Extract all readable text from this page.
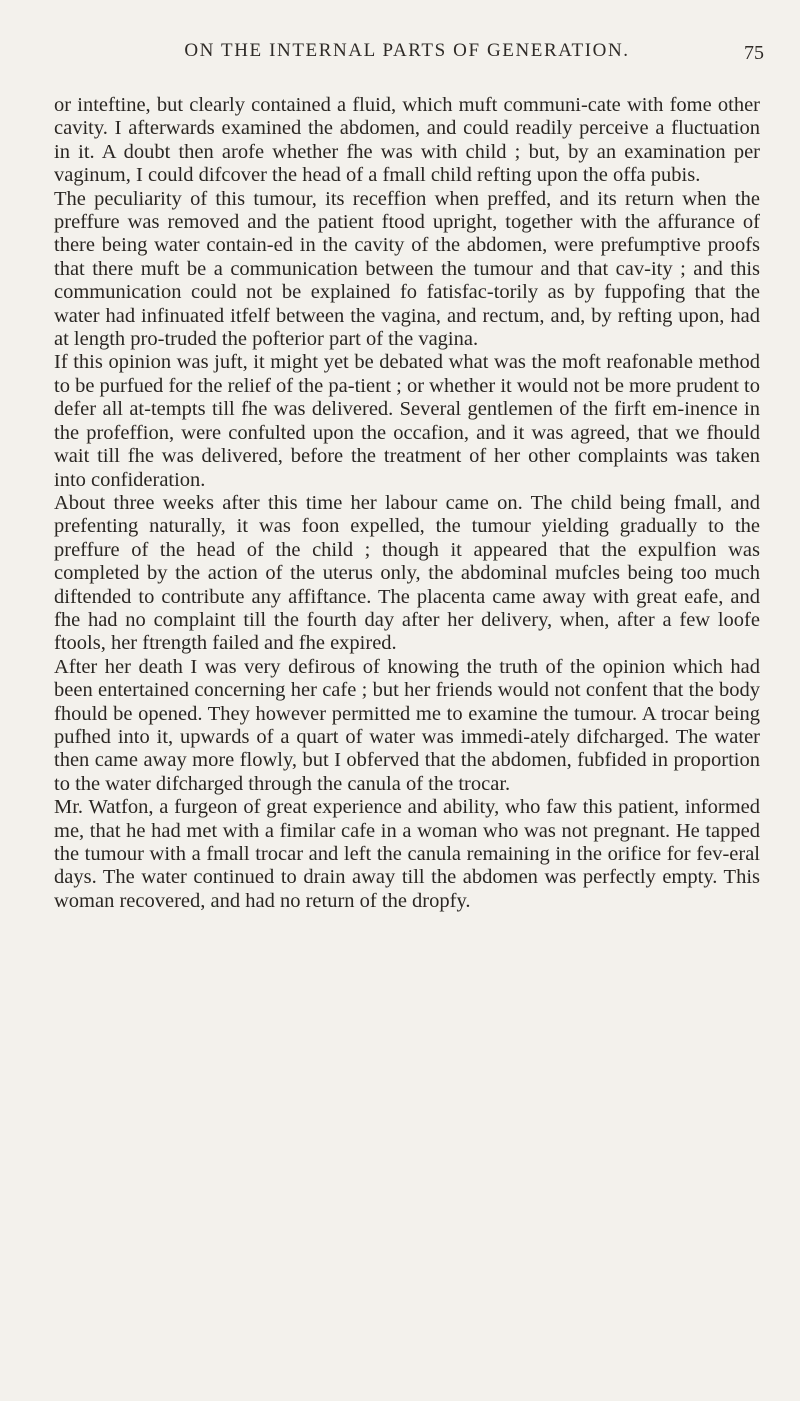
ON THE INTERNAL PARTS OF GENERATION.	75

or inteftine, but clearly contained a fluid, which muft communi-cate with fome other cavity. I afterwards examined the abdomen, and could readily perceive a fluctuation in it. A doubt then arofe whether fhe was with child ; but, by an examination per vaginum, I could difcover the head of a fmall child refting upon the offa pubis.

The peculiarity of this tumour, its receffion when preffed, and its return when the preffure was removed and the patient ftood upright, together with the affurance of there being water contain-ed in the cavity of the abdomen, were prefumptive proofs that there muft be a communication between the tumour and that cav-ity ; and this communication could not be explained fo fatisfac-torily as by fuppofing that the water had infinuated itfelf between the vagina, and rectum, and, by refting upon, had at length pro-truded the pofterior part of the vagina.

If this opinion was juft, it might yet be debated what was the moft reafonable method to be purfued for the relief of the pa-tient ; or whether it would not be more prudent to defer all at-tempts till fhe was delivered. Several gentlemen of the firft em-inence in the profeffion, were confulted upon the occafion, and it was agreed, that we fhould wait till fhe was delivered, before the treatment of her other complaints was taken into confideration.

About three weeks after this time her labour came on. The child being fmall, and prefenting naturally, it was foon expelled, the tumour yielding gradually to the preffure of the head of the child ; though it appeared that the expulfion was completed by the action of the uterus only, the abdominal mufcles being too much diftended to contribute any affiftance. The placenta came away with great eafe, and fhe had no complaint till the fourth day after her delivery, when, after a few loofe ftools, her ftrength failed and fhe expired.

After her death I was very defirous of knowing the truth of the opinion which had been entertained concerning her cafe ; but her friends would not confent that the body fhould be opened. They however permitted me to examine the tumour. A trocar being pufhed into it, upwards of a quart of water was immedi-ately difcharged. The water then came away more flowly, but I obferved that the abdomen, fubfided in proportion to the water difcharged through the canula of the trocar.

Mr. Watfon, a furgeon of great experience and ability, who faw this patient, informed me, that he had met with a fimilar cafe in a woman who was not pregnant. He tapped the tumour with a fmall trocar and left the canula remaining in the orifice for fev-eral days. The water continued to drain away till the abdomen was perfectly empty. This woman recovered, and had no return of the dropfy.
